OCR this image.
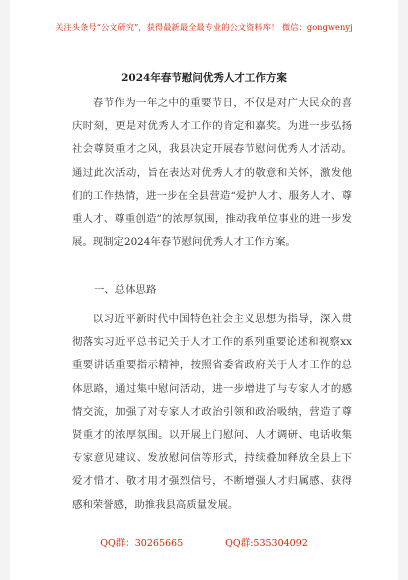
关注头条号“公文研究”，获得最新最全最专业的公文资料库！ 微信：gongwenyj
2024年春节慰问优秀人才工作方案
春节作为一年之中的重要节日，不仅是对广大民众的喜庆时刻，更是对优秀人才工作的肯定和嘉奖。为进一步弘扬社会尊贤重才之风，我县决定开展春节慰问优秀人才活动。通过此次活动，旨在表达对优秀人才的敬意和关怀，激发他们的工作热情，进一步在全县营造“爱护人才、服务人才、尊重人才、尊重创造”的浓厚氛围，推动我单位事业的进一步发展。现制定2024年春节慰问优秀人才工作方案。
一、总体思路
以习近平新时代中国特色社会主义思想为指导，深入贯彻落实习近平总书记关于人才工作的系列重要论述和视察xx重要讲话重要指示精神，按照省委省政府关于人才工作的总体思路，通过集中慰问活动，进一步增进了与专家人才的感情交流，加强了对专家人才政治引领和政治吸纳，营造了尊贤重才的浓厚氛围。以开展上门慰问、人才调研、电话收集专家意见建议、发放慰问信等形式，持续叠加释放全县上下爱才惜才、敬才用才强烈信号，不断增强人才归属感、获得感和荣誉感，助推我县高质量发展。
QQ群：30265665	QQ群:535304092
